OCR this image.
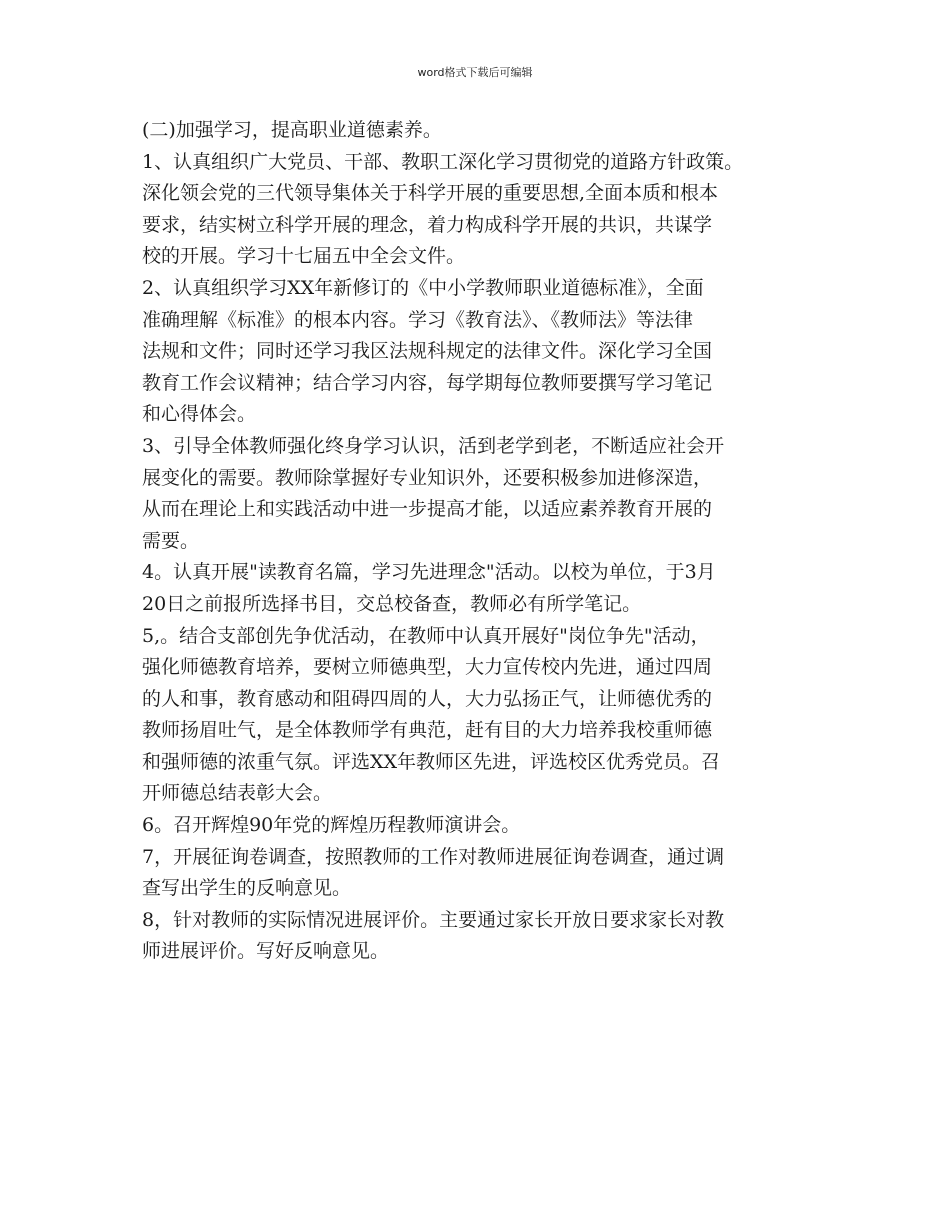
word格式下载后可编辑
(二)加强学习，提高职业道德素养。
1、认真组织广大党员、干部、教职工深化学习贯彻党的道路方针政策。
深化领会党的三代领导集体关于科学开展的重要思想,全面本质和根本
要求，结实树立科学开展的理念，着力构成科学开展的共识，共谋学
校的开展。学习十七届五中全会文件。
2、认真组织学习XX年新修订的《中小学教师职业道德标准》，全面
准确理解《标准》的根本内容。学习《教育法》、《教师法》等法律
法规和文件；同时还学习我区法规科规定的法律文件。深化学习全国
教育工作会议精神；结合学习内容，每学期每位教师要撰写学习笔记
和心得体会。
3、引导全体教师强化终身学习认识，活到老学到老，不断适应社会开
展变化的需要。教师除掌握好专业知识外，还要积极参加进修深造，
从而在理论上和实践活动中进一步提高才能，以适应素养教育开展的
需要。
4。认真开展"读教育名篇，学习先进理念"活动。以校为单位，于3月
20日之前报所选择书目，交总校备查，教师必有所学笔记。
5,。结合支部创先争优活动，在教师中认真开展好"岗位争先"活动，
强化师德教育培养，要树立师德典型，大力宣传校内先进，通过四周
的人和事，教育感动和阻碍四周的人，大力弘扬正气，让师德优秀的
教师扬眉吐气，是全体教师学有典范，赶有目的大力培养我校重师德
和强师德的浓重气氛。评选XX年教师区先进，评选校区优秀党员。召
开师德总结表彰大会。
6。召开辉煌90年党的辉煌历程教师演讲会。
7，开展征询卷调查，按照教师的工作对教师进展征询卷调查，通过调
查写出学生的反响意见。
8，针对教师的实际情况进展评价。主要通过家长开放日要求家长对教
师进展评价。写好反响意见。
